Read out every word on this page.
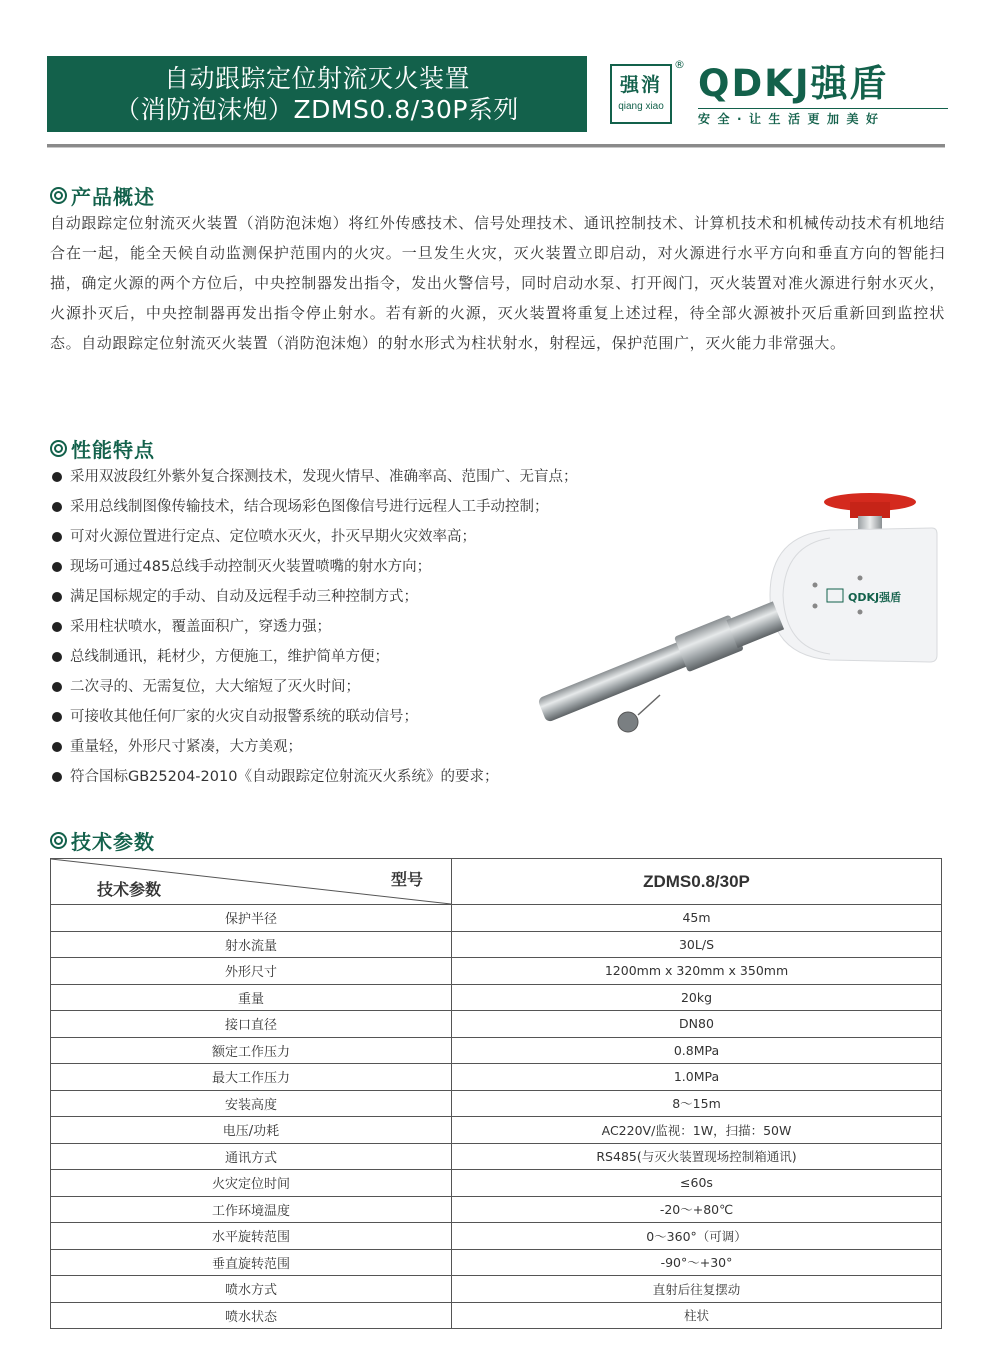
自动跟踪定位射流灭火装置
（消防泡沫炮）ZDMS0.8/30P系列
强消
qiang xiao
® QDKJ强盾
安全·让生活更加美好
产品概述

自动跟踪定位射流灭火装置（消防泡沫炮）将红外传感技术、信号处理技术、通讯控制技术、计算机技术和机械传动技术有机地结合在一起，能全天候自动监测保护范围内的火灾。一旦发生火灾，灭火装置立即启动，对火源进行水平方向和垂直方向的智能扫描，确定火源的两个方位后，中央控制器发出指令，发出火警信号，同时启动水泵、打开阀门，灭火装置对准火源进行射水灭火，火源扑灭后，中央控制器再发出指令停止射水。若有新的火源，灭火装置将重复上述过程，待全部火源被扑灭后重新回到监控状态。自动跟踪定位射流灭火装置（消防泡沫炮）的射水形式为柱状射水，射程远，保护范围广，灭火能力非常强大。

性能特点
采用双波段红外紫外复合探测技术，发现火情早、准确率高、范围广、无盲点；
采用总线制图像传输技术，结合现场彩色图像信号进行远程人工手动控制；
可对火源位置进行定点、定位喷水灭火，扑灭早期火灾效率高；
现场可通过485总线手动控制灭火装置喷嘴的射水方向；
满足国标规定的手动、自动及远程手动三种控制方式；
采用柱状喷水，覆盖面积广，穿透力强；
总线制通讯，耗材少，方便施工，维护简单方便；
二次寻的、无需复位，大大缩短了灭火时间；
可接收其他任何厂家的火灾自动报警系统的联动信号；
重量轻，外形尺寸紧凑，大方美观；
符合国标GB25204-2010《自动跟踪定位射流灭火系统》的要求；
QDKJ强盾
技术参数
型号
技术参数	ZDMS0.8/30P
保护半径	45m
射水流量	30L/S
外形尺寸	1200mm x 320mm x 350mm
重量	20kg
接口直径	DN80
额定工作压力	0.8MPa
最大工作压力	1.0MPa
安装高度	8～15m
电压/功耗	AC220V/监视：1W，扫描：50W
通讯方式	RS485(与灭火装置现场控制箱通讯)
火灾定位时间	≤60s
工作环境温度	-20～+80℃
水平旋转范围	0～360°（可调）
垂直旋转范围	-90°～+30°
喷水方式	直射后往复摆动
喷水状态	柱状
